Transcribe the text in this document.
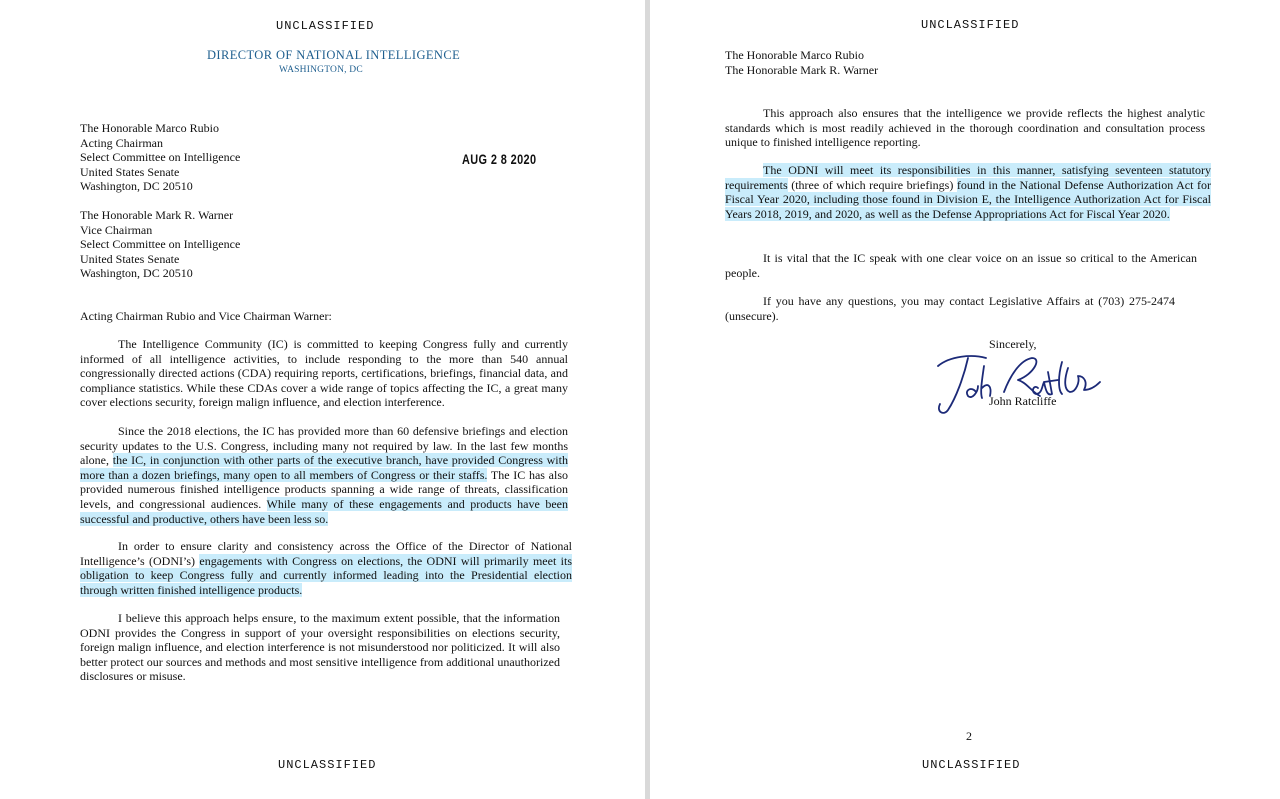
UNCLASSIFIED
DIRECTOR OF NATIONAL INTELLIGENCE
WASHINGTON, DC
The Honorable Marco Rubio
Acting Chairman
Select Committee on Intelligence
United States Senate
Washington, DC 20510
AUG 2 8 2020
The Honorable Mark R. Warner
Vice Chairman
Select Committee on Intelligence
United States Senate
Washington, DC 20510
Acting Chairman Rubio and Vice Chairman Warner:

The Intelligence Community (IC) is committed to keeping Congress fully and currently informed of all intelligence activities, to include responding to the more than 540 annual congressionally directed actions (CDA) requiring reports, certifications, briefings, financial data, and compliance statistics. While these CDAs cover a wide range of topics affecting the IC, a great many cover elections security, foreign malign influence, and election interference.

Since the 2018 elections, the IC has provided more than 60 defensive briefings and election security updates to the U.S. Congress, including many not required by law. In the last few months alone, the IC, in conjunction with other parts of the executive branch, have provided Congress with more than a dozen briefings, many open to all members of Congress or their staffs. The IC has also provided numerous finished intelligence products spanning a wide range of threats, classification levels, and congressional audiences. While many of these engagements and products have been successful and productive, others have been less so.

In order to ensure clarity and consistency across the Office of the Director of National Intelligence’s (ODNI’s) engagements with Congress on elections, the ODNI will primarily meet its obligation to keep Congress fully and currently informed leading into the Presidential election through written finished intelligence products.

I believe this approach helps ensure, to the maximum extent possible, that the information ODNI provides the Congress in support of your oversight responsibilities on elections security, foreign malign influence, and election interference is not misunderstood nor politicized. It will also better protect our sources and methods and most sensitive intelligence from additional unauthorized disclosures or misuse.

UNCLASSIFIED
UNCLASSIFIED
The Honorable Marco Rubio
The Honorable Mark R. Warner

This approach also ensures that the intelligence we provide reflects the highest analytic standards which is most readily achieved in the thorough coordination and consultation process unique to finished intelligence reporting.

The ODNI will meet its responsibilities in this manner, satisfying seventeen statutory requirements (three of which require briefings) found in the National Defense Authorization Act for Fiscal Year 2020, including those found in Division E, the Intelligence Authorization Act for Fiscal Years 2018, 2019, and 2020, as well as the Defense Appropriations Act for Fiscal Year 2020.

It is vital that the IC speak with one clear voice on an issue so critical to the American people.

If you have any questions, you may contact Legislative Affairs at (703) 275-2474 (unsecure).

Sincerely,
John Ratcliffe
2
UNCLASSIFIED
